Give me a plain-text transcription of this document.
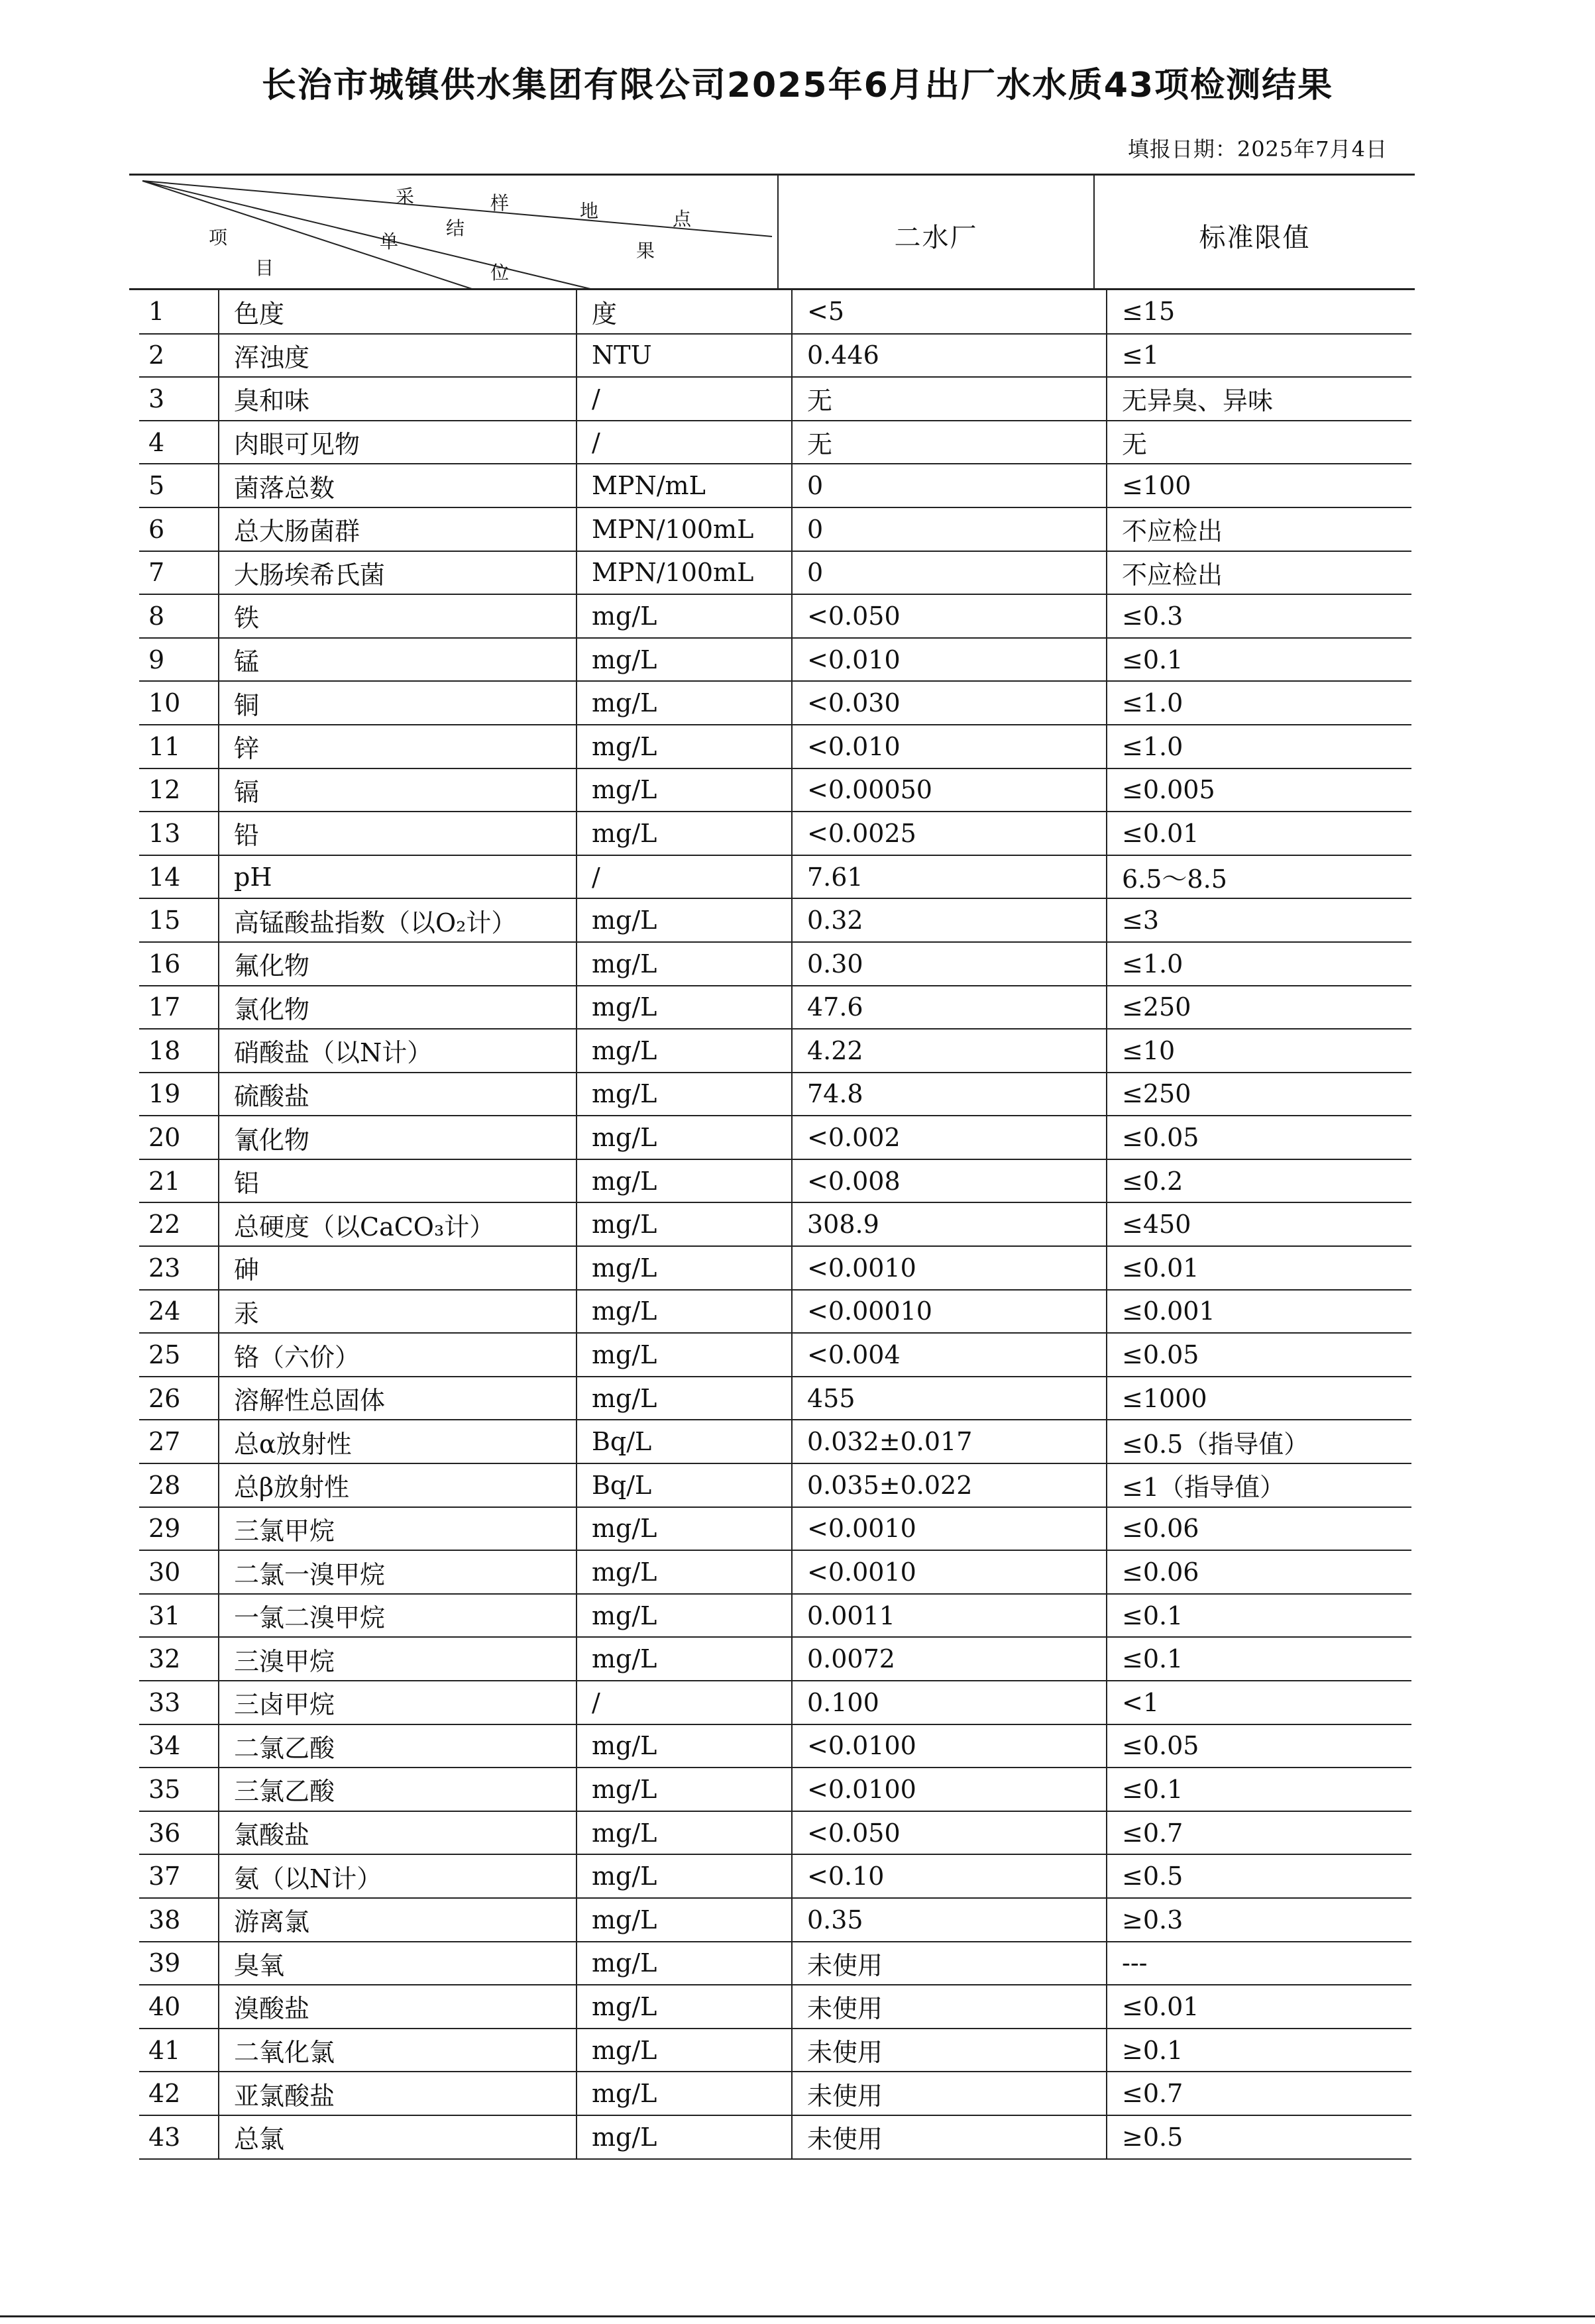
长治市城镇供水集团有限公司2025年6月出厂水水质43项检测结果
填报日期：2025年7月4日
采	样	地	点
结
果
单
位
项
目
二水厂	标准限值
1	色度	度	<5	≤15
2	浑浊度	NTU	0.446	≤1
3	臭和味	/	无	无异臭、异味
4	肉眼可见物	/	无	无
5	菌落总数	MPN/mL	0	≤100
6	总大肠菌群	MPN/100mL	0	不应检出
7	大肠埃希氏菌	MPN/100mL	0	不应检出
8	铁	mg/L	<0.050	≤0.3
9	锰	mg/L	<0.010	≤0.1
10	铜	mg/L	<0.030	≤1.0
11	锌	mg/L	<0.010	≤1.0
12	镉	mg/L	<0.00050	≤0.005
13	铅	mg/L	<0.0025	≤0.01
14	pH	/	7.61	6.5～8.5
15	高锰酸盐指数（以O₂计）	mg/L	0.32	≤3
16	氟化物	mg/L	0.30	≤1.0
17	氯化物	mg/L	47.6	≤250
18	硝酸盐（以N计）	mg/L	4.22	≤10
19	硫酸盐	mg/L	74.8	≤250
20	氰化物	mg/L	<0.002	≤0.05
21	铝	mg/L	<0.008	≤0.2
22	总硬度（以CaCO₃计）	mg/L	308.9	≤450
23	砷	mg/L	<0.0010	≤0.01
24	汞	mg/L	<0.00010	≤0.001
25	铬（六价）	mg/L	<0.004	≤0.05
26	溶解性总固体	mg/L	455	≤1000
27	总α放射性	Bq/L	0.032±0.017	≤0.5（指导值）
28	总β放射性	Bq/L	0.035±0.022	≤1（指导值）
29	三氯甲烷	mg/L	<0.0010	≤0.06
30	二氯一溴甲烷	mg/L	<0.0010	≤0.06
31	一氯二溴甲烷	mg/L	0.0011	≤0.1
32	三溴甲烷	mg/L	0.0072	≤0.1
33	三卤甲烷	/	0.100	<1
34	二氯乙酸	mg/L	<0.0100	≤0.05
35	三氯乙酸	mg/L	<0.0100	≤0.1
36	氯酸盐	mg/L	<0.050	≤0.7
37	氨（以N计）	mg/L	<0.10	≤0.5
38	游离氯	mg/L	0.35	≥0.3
39	臭氧	mg/L	未使用	---
40	溴酸盐	mg/L	未使用	≤0.01
41	二氧化氯	mg/L	未使用	≥0.1
42	亚氯酸盐	mg/L	未使用	≤0.7
43	总氯	mg/L	未使用	≥0.5
